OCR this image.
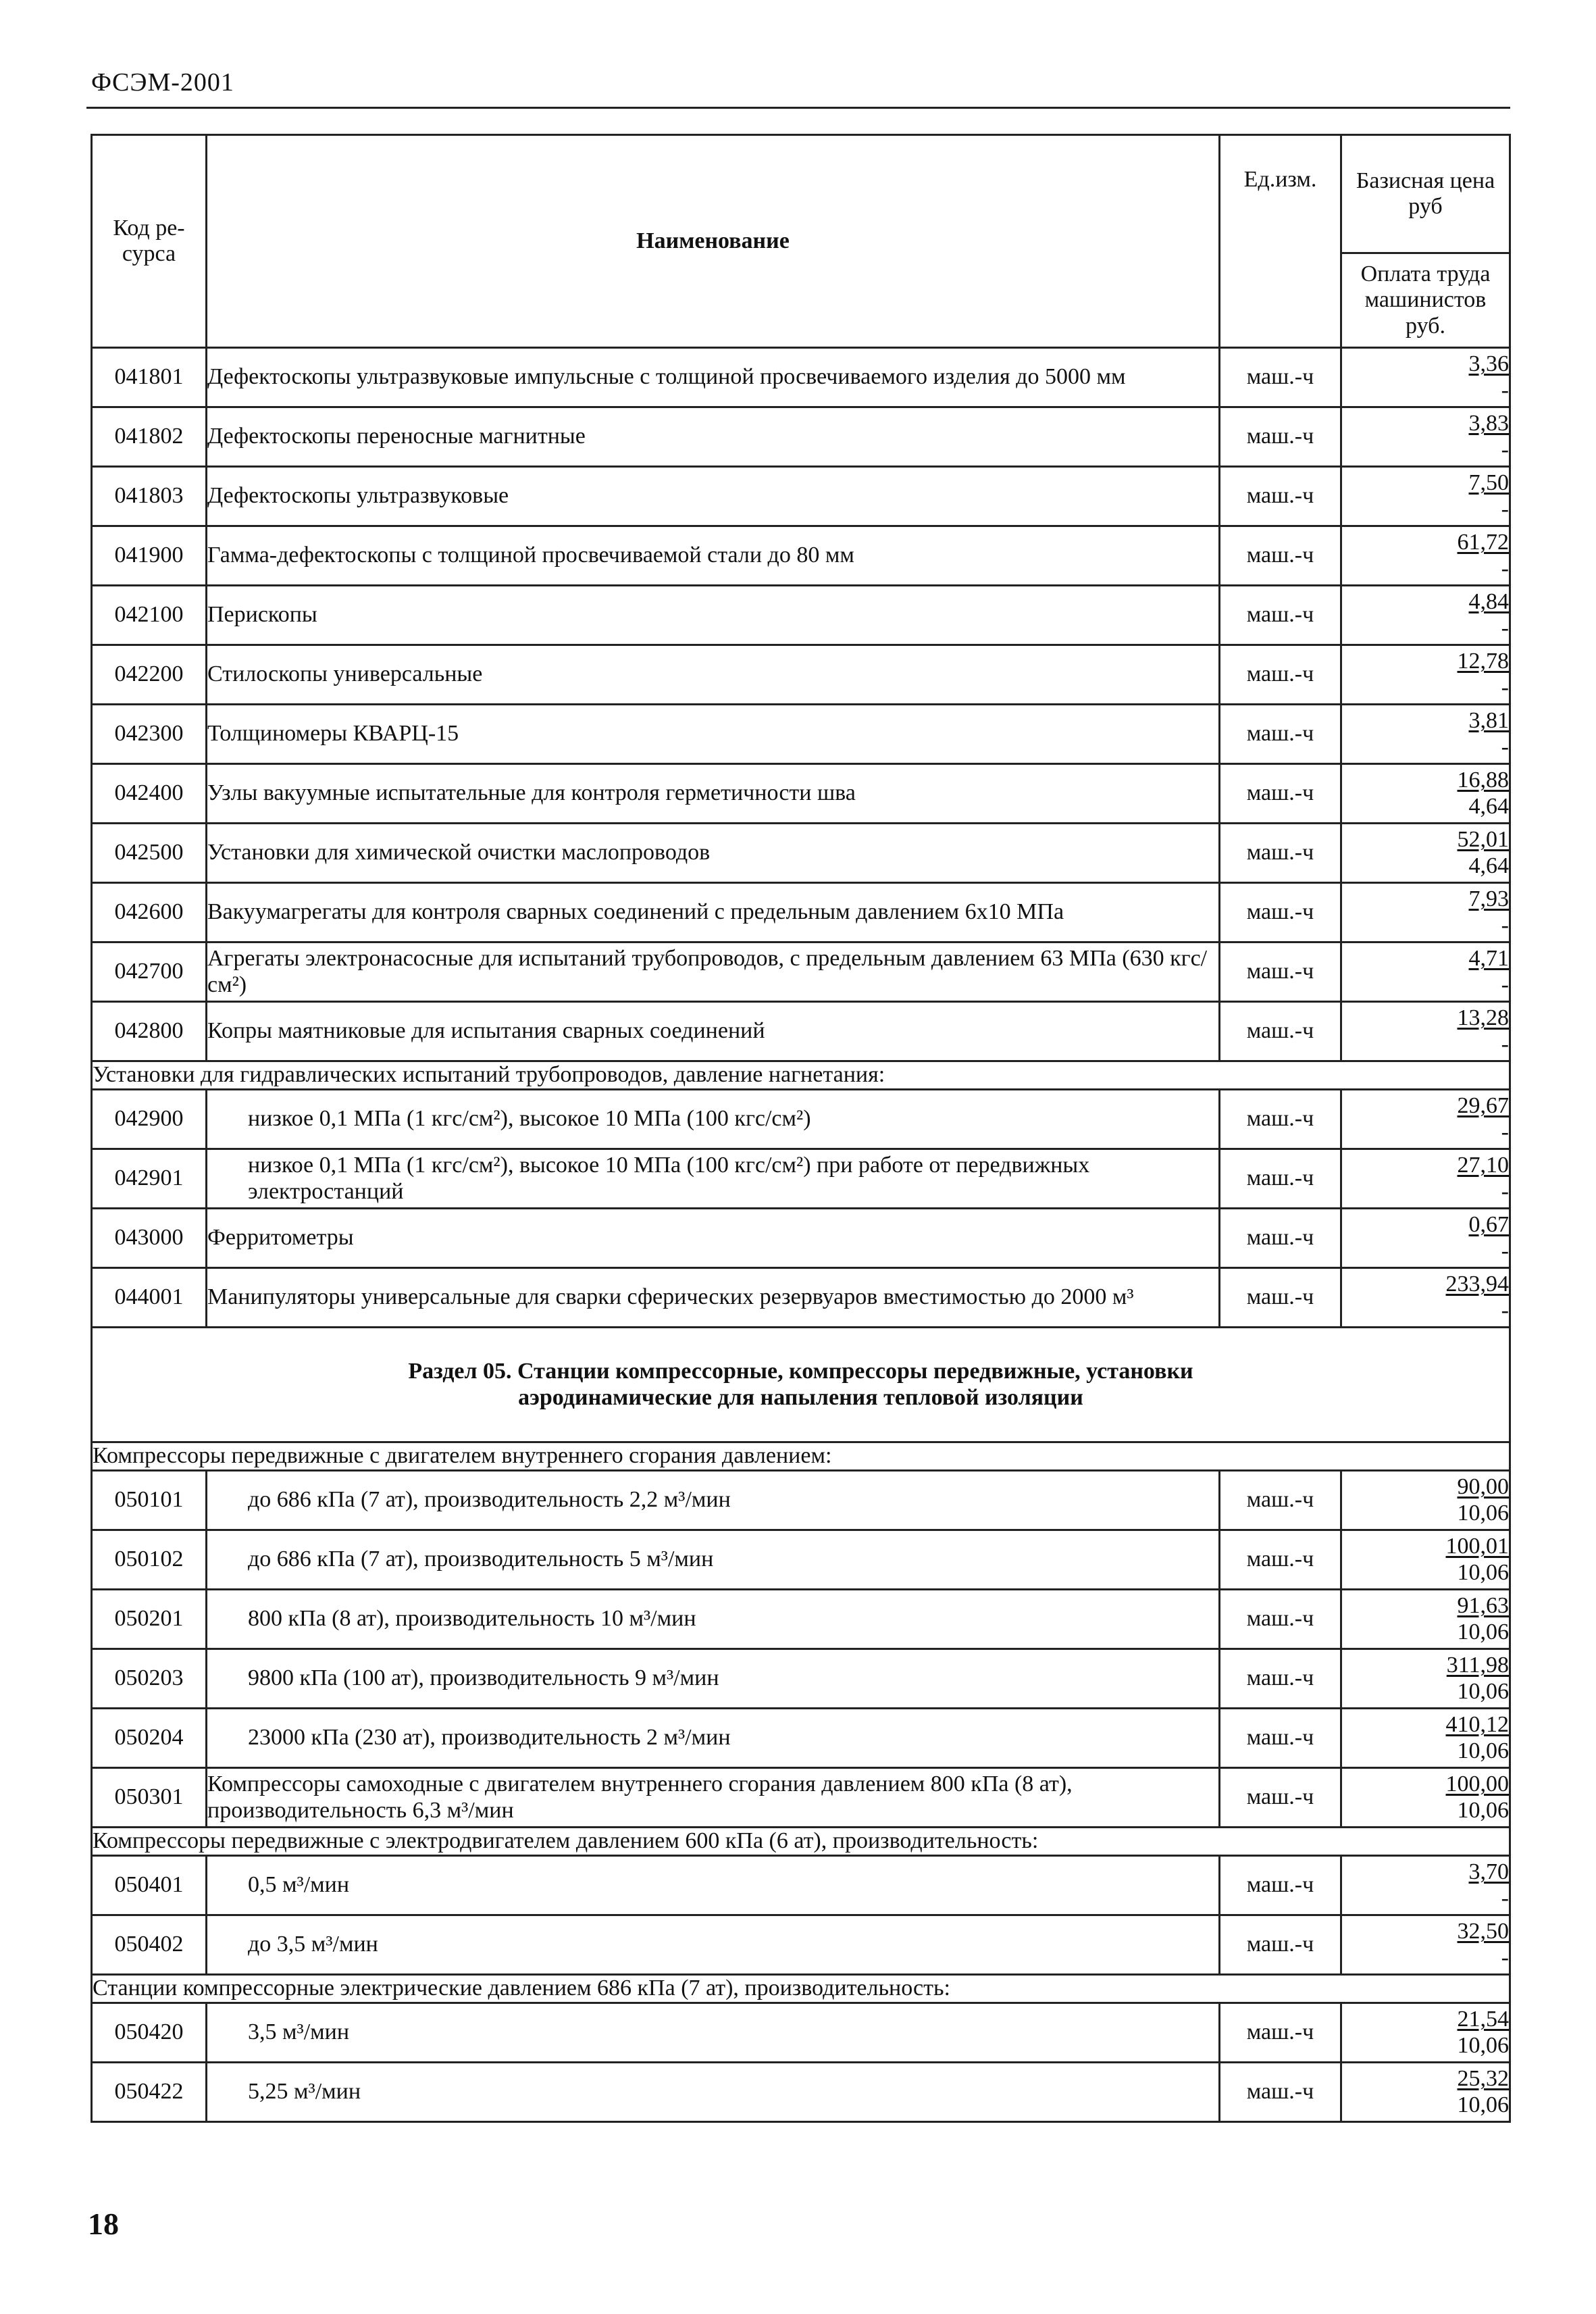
ФСЭМ-2001
Код ре-сурса	Наименование	Ед.изм.	Базисная цена руб
			Оплата труда машинистов руб.
041801	Дефектоскопы ультразвуковые импульсные с толщиной просвечиваемого изделия до 5000 мм	маш.-ч	3,36
-

041802	Дефектоскопы переносные магнитные	маш.-ч	3,83
-

041803	Дефектоскопы ультразвуковые	маш.-ч	7,50
-

041900	Гамма-дефектоскопы с толщиной просвечиваемой стали до 80 мм	маш.-ч	61,72
-

042100	Перископы	маш.-ч	4,84
-

042200	Стилоскопы универсальные	маш.-ч	12,78
-

042300	Толщиномеры КВАРЦ-15	маш.-ч	3,81
-

042400	Узлы вакуумные испытательные для контроля герметичности шва	маш.-ч	16,88
4,64

042500	Установки для химической очистки маслопроводов	маш.-ч	52,01
4,64

042600	Вакуумагрегаты для контроля сварных соединений с предельным давлением 6x10 МПа	маш.-ч	7,93
-

042700	Агрегаты электронасосные для испытаний трубопроводов, с предельным давлением 63 МПа (630 кгс/см²)	маш.-ч	4,71
-

042800	Копры маятниковые для испытания сварных соединений	маш.-ч	13,28
-

Установки для гидравлических испытаний трубопроводов, давление нагнетания:			
042900	низкое 0,1 МПа (1 кгс/см²), высокое 10 МПа (100 кгс/см²)	маш.-ч	29,67
-

042901	низкое 0,1 МПа (1 кгс/см²), высокое 10 МПа (100 кгс/см²) при работе от передвижных электростанций	маш.-ч	27,10
-

043000	Ферритометры	маш.-ч	0,67
-

044001	Манипуляторы универсальные для сварки сферических резервуаров вместимостью до 2000 м³	маш.-ч	233,94
-

Раздел 05. Станции компрессорные, компрессоры передвижные, установки
аэродинамические для напыления тепловой изоляции			

Компрессоры передвижные с двигателем внутреннего сгорания давлением:			
050101	до 686 кПа (7 ат), производительность 2,2 м³/мин	маш.-ч	90,00
10,06

050102	до 686 кПа (7 ат), производительность 5 м³/мин	маш.-ч	100,01
10,06

050201	800 кПа (8 ат), производительность 10 м³/мин	маш.-ч	91,63
10,06

050203	9800 кПа (100 ат), производительность 9 м³/мин	маш.-ч	311,98
10,06

050204	23000 кПа (230 ат), производительность 2 м³/мин	маш.-ч	410,12
10,06

050301	Компрессоры самоходные с двигателем внутреннего сгорания давлением 800 кПа (8 ат), производительность 6,3 м³/мин	маш.-ч	100,00
10,06

Компрессоры передвижные с электродвигателем давлением 600 кПа (6 ат), производительность:			
050401	0,5 м³/мин	маш.-ч	3,70
-

050402	до 3,5 м³/мин	маш.-ч	32,50
-

Станции компрессорные электрические давлением 686 кПа (7 ат), производительность:			
050420	3,5 м³/мин	маш.-ч	21,54
10,06

050422	5,25 м³/мин	маш.-ч	25,32
10,06
18
